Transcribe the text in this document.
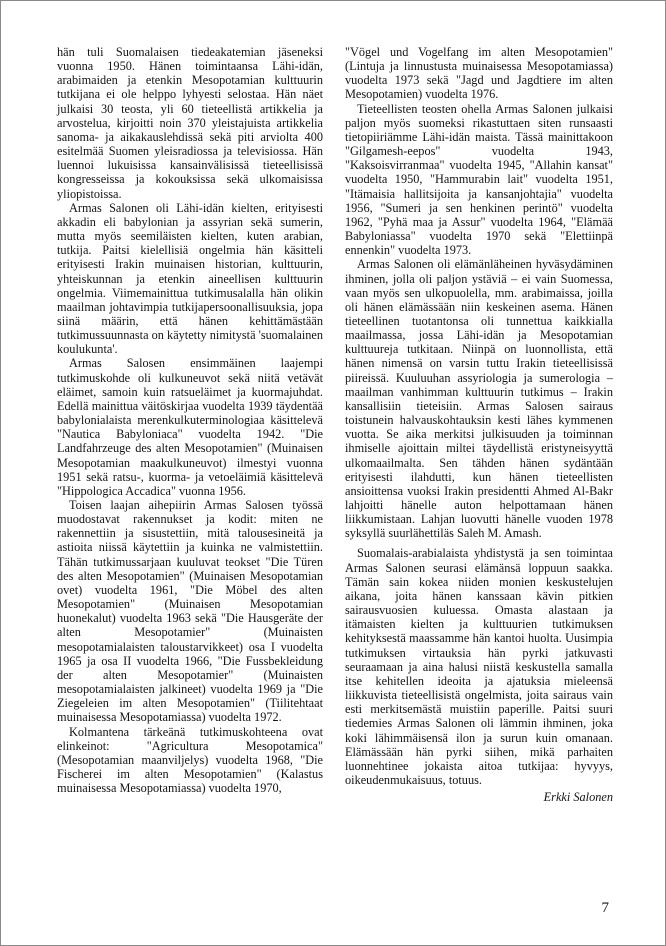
hän tuli Suomalaisen tiedeakatemian jäseneksi vuonna 1950. Hänen toimintaansa Lähi-idän, arabimaiden ja etenkin Mesopotamian kulttuurin tutkijana ei ole helppo lyhyesti selostaa. Hän näet julkaisi 30 teosta, yli 60 tieteellistä artikkelia ja arvostelua, kirjoitti noin 370 yleistajuista artikkelia sanoma- ja aikakauslehdissä sekä piti arviolta 400 esitelmää Suomen yleisradiossa ja televisiossa. Hän luennoi lukuisissa kansainvälisissä tieteellisissä kongresseissa ja kokouksissa sekä ulkomaisissa yliopistoissa.

Armas Salonen oli Lähi-idän kielten, erityisesti akkadin eli babylonian ja assyrian sekä sumerin, mutta myös seemiläisten kielten, kuten arabian, tutkija. Paitsi kielellisiä ongelmia hän käsitteli erityisesti Irakin muinaisen historian, kulttuurin, yhteiskunnan ja etenkin aineellisen kulttuurin ongelmia. Viimemainittua tutkimusalalla hän olikin maailman johtavimpia tutkijapersoonallisuuksia, jopa siinä määrin, että hänen kehittämästään tutkimussuunnasta on käytetty nimitystä 'suomalainen koulukunta'.

Armas Salosen ensimmäinen laajempi tutkimuskohde oli kulkuneuvot sekä niitä vetävät eläimet, samoin kuin ratsueläimet ja kuormajuhdat. Edellä mainittua väitöskirjaa vuodelta 1939 täydentää babylonialaista merenkulkuterminologiaa käsittelevä "Nautica Babyloniaca" vuodelta 1942. "Die Landfahrzeuge des alten Mesopotamien" (Muinaisen Mesopotamian maakulkuneuvot) ilmestyi vuonna 1951 sekä ratsu-, kuorma- ja vetoeläimiä käsittelevä "Hippologica Accadica" vuonna 1956.

Toisen laajan aihepiirin Armas Salosen työssä muodostavat rakennukset ja kodit: miten ne rakennettiin ja sisustettiin, mitä talousesineitä ja astioita niissä käytettiin ja kuinka ne valmistettiin. Tähän tutkimussarjaan kuuluvat teokset "Die Türen des alten Mesopotamien" (Muinaisen Mesopotamian ovet) vuodelta 1961, "Die Möbel des alten Mesopotamien" (Muinaisen Mesopotamian huonekalut) vuodelta 1963 sekä "Die Hausgeräte der alten Mesopotamier" (Muinaisten mesopotamialaisten taloustarvikkeet) osa I vuodelta 1965 ja osa II vuodelta 1966, "Die Fussbekleidung der alten Mesopotamier" (Muinaisten mesopotamialaisten jalkineet) vuodelta 1969 ja "Die Ziegeleien im alten Mesopotamien" (Tiilitehtaat muinaisessa Mesopotamiassa) vuodelta 1972.

Kolmantena tärkeänä tutkimuskohteena ovat elinkeinot: "Agricultura Mesopotamica" (Mesopotamian maanviljelys) vuodelta 1968, "Die Fischerei im alten Mesopotamien" (Kalastus muinaisessa Mesopotamiassa) vuodelta 1970,

"Vögel und Vogelfang im alten Mesopotamien" (Lintuja ja linnustusta muinaisessa Mesopotamiassa) vuodelta 1973 sekä "Jagd und Jagdtiere im alten Mesopotamien) vuodelta 1976.

Tieteellisten teosten ohella Armas Salonen julkaisi paljon myös suomeksi rikastuttaen siten runsaasti tietopiiriämme Lähi-idän maista. Tässä mainittakoon "Gilgamesh-eepos" vuodelta 1943, "Kaksoisvirranmaa" vuodelta 1945, "Allahin kansat" vuodelta 1950, "Hammurabin lait" vuodelta 1951, "Itämaisia hallitsijoita ja kansanjohtajia" vuodelta 1956, "Sumeri ja sen henkinen perintö" vuodelta 1962, "Pyhä maa ja Assur" vuodelta 1964, "Elämää Babyloniassa" vuodelta 1970 sekä "Elettiinpä ennenkin" vuodelta 1973.

Armas Salonen oli elämänläheinen hyväsydäminen ihminen, jolla oli paljon ystäviä – ei vain Suomessa, vaan myös sen ulkopuolella, mm. arabimaissa, joilla oli hänen elämässään niin keskeinen asema. Hänen tieteellinen tuotantonsa oli tunnettua kaikkialla maailmassa, jossa Lähi-idän ja Mesopotamian kulttuureja tutkitaan. Niinpä on luonnollista, että hänen nimensä on varsin tuttu Irakin tieteellisissä piireissä. Kuuluuhan assyriologia ja sumerologia – maailman vanhimman kulttuurin tutkimus – Irakin kansallisiin tieteisiin. Armas Salosen sairaus toistunein halvauskohtauksin kesti lähes kymmenen vuotta. Se aika merkitsi julkisuuden ja toiminnan ihmiselle ajoittain miltei täydellistä eristyneisyyttä ulkomaailmalta. Sen tähden hänen sydäntään erityisesti ilahdutti, kun hänen tieteellisten ansioittensa vuoksi Irakin presidentti Ahmed Al-Bakr lahjoitti hänelle auton helpottamaan hänen liikkumistaan. Lahjan luovutti hänelle vuoden 1978 syksyllä suurlähettiläs Saleh M. Amash.

Suomalais-arabialaista yhdistystä ja sen toimintaa Armas Salonen seurasi elämänsä loppuun saakka. Tämän sain kokea niiden monien keskustelujen aikana, joita hänen kanssaan kävin pitkien sairausvuosien kuluessa. Omasta alastaan ja itämaisten kielten ja kulttuurien tutkimuksen kehityksestä maassamme hän kantoi huolta. Uusimpia tutkimuksen virtauksia hän pyrki jatkuvasti seuraamaan ja aina halusi niistä keskustella samalla itse kehitellen ideoita ja ajatuksia mieleensä liikkuvista tieteellisistä ongelmista, joita sairaus vain esti merkitsemästä muistiin paperille. Paitsi suuri tiedemies Armas Salonen oli lämmin ihminen, joka koki lähimmäisensä ilon ja surun kuin omanaan. Elämässään hän pyrki siihen, mikä parhaiten luonnehtinee jokaista aitoa tutkijaa: hyvyys, oikeudenmukaisuus, totuus.

Erkki Salonen
7
